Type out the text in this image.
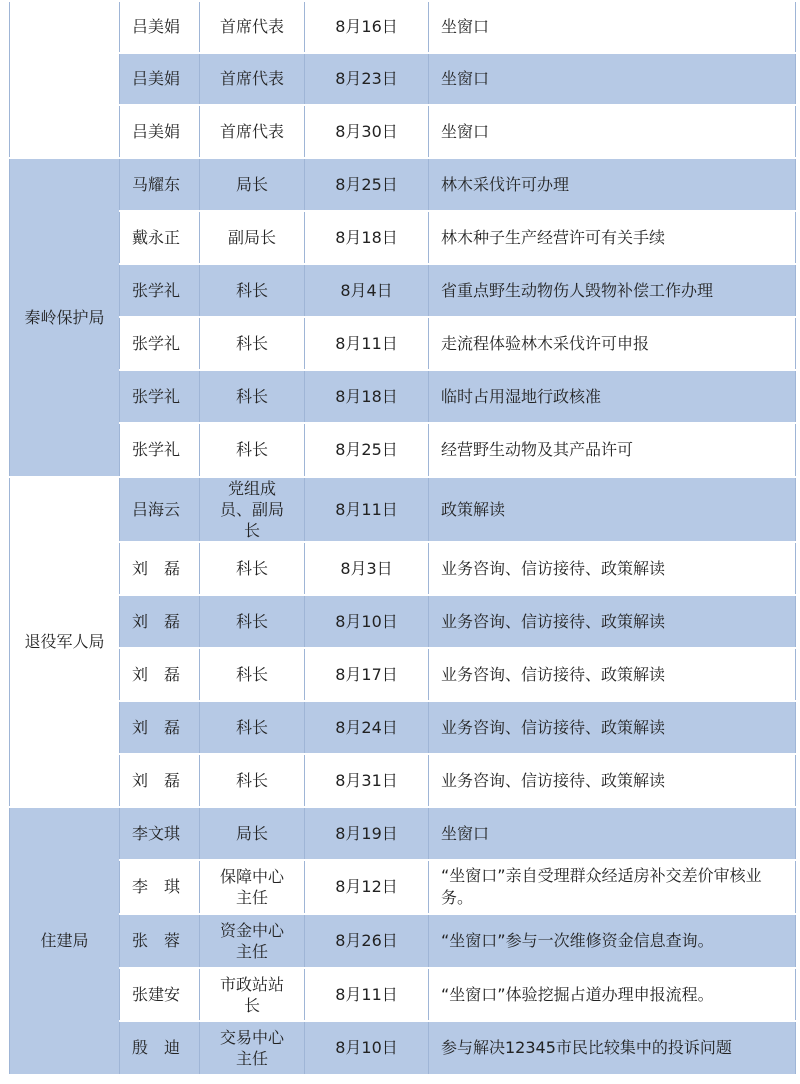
	吕美娟	首席代表	8月16日	坐窗口
	吕美娟	首席代表	8月23日	坐窗口
	吕美娟	首席代表	8月30日	坐窗口
秦岭保护局	马耀东	局长	8月25日	林木采伐许可办理
	戴永正	副局长	8月18日	林木种子生产经营许可有关手续
	张学礼	科长	8月4日	省重点野生动物伤人毁物补偿工作办理
	张学礼	科长	8月11日	走流程体验林木采伐许可申报
	张学礼	科长	8月18日	临时占用湿地行政核准
	张学礼	科长	8月25日	经营野生动物及其产品许可
退役军人局	吕海云	党组成员、副局长	8月11日	政策解读
	刘　磊	科长	8月3日	业务咨询、信访接待、政策解读
	刘　磊	科长	8月10日	业务咨询、信访接待、政策解读
	刘　磊	科长	8月17日	业务咨询、信访接待、政策解读
	刘　磊	科长	8月24日	业务咨询、信访接待、政策解读
	刘　磊	科长	8月31日	业务咨询、信访接待、政策解读
住建局	李文琪	局长	8月19日	坐窗口
	李　琪	保障中心主任	8月12日	“坐窗口”亲自受理群众经适房补交差价审核业务。
	张　蓉	资金中心主任	8月26日	“坐窗口”参与一次维修资金信息查询。
	张建安	市政站站长	8月11日	“坐窗口”体验挖掘占道办理申报流程。
	殷　迪	交易中心主任	8月10日	参与解决12345市民比较集中的投诉问题
